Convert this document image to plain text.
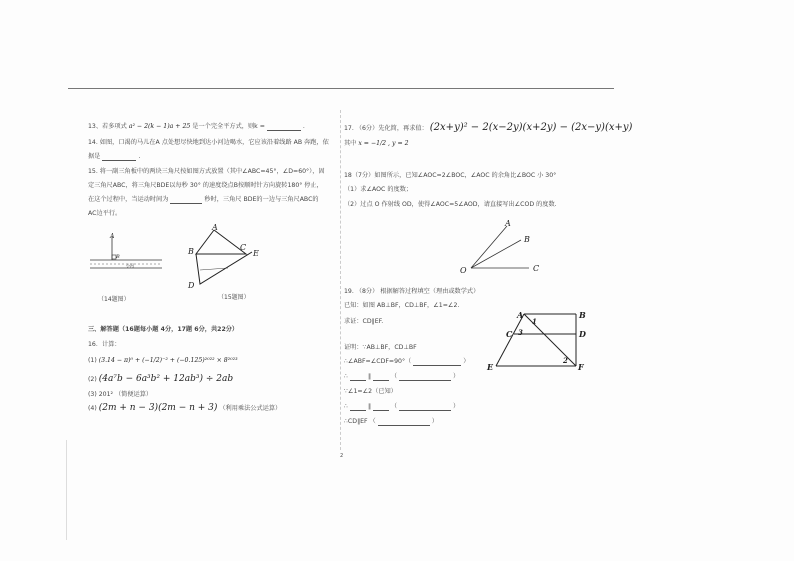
13、若多项式 a² − 2(k − 1)a + 25 是一个完全平方式，则k =	.
14. 如图，口渴的马儿在A 点处想尽快地到达小河边喝水，它应该沿着线路 AB 奔跑，依
据是	.
15. 将一副三角板中的两块三角尺按如图方式放置（其中∠ABC=45°，∠D=60°），固
定三角尺ABC，将三角尺BDE以每秒 30° 的速度绕点B按顺时针方向旋转180° 停止，
在这个过程中，当运动时间为	秒时，三角尺 BDE的一边与三角尺ABC的
AC边平行。
A
B
小河
（14题图）
A
B	C
D
E
（15题图）
三、解答题（16题每小题 4分，17题 6分，共22分）
16．计算：
(1) (3.14 − π)⁰ + (−1/2)⁻² + (−0.125)²⁰²² × 8²⁰²³
(2) (4a⁷b − 6a³b² + 12ab³) ÷ 2ab
(3) 201² （简便运算）
(4) (2m + n − 3)(2m − n + 3) （利用乘法公式运算）
17. （6分）先化简，再求值： (2x+y)² − 2(x−2y)(x+2y) − (2x−y)(x+y)
其中 x = −1/2 , y = 2
18（7分）如图所示，已知∠AOC=2∠BOC，∠AOC 的余角比∠BOC 小 30°
（1）求∠AOC 的度数；
（2）过点 O 作射线 OD，使得∠AOC=5∠AOD，请直接写出∠COD 的度数.
A
B
O	C
19. （8分） 根据解答过程填空（理由或数学式）
已知：如图 AB⊥BF，CD⊥BF，∠1=∠2.
求证：CD∥EF.
证明：∵AB⊥BF，CD⊥BF
∴∠ABF=∠CDF=90°（	）
∴	∥	（	）
∵∠1=∠2（已知）
∴	∥	（	）
∴CD∥EF （	）
A	B
C	D
E	F
1
2
3
2
